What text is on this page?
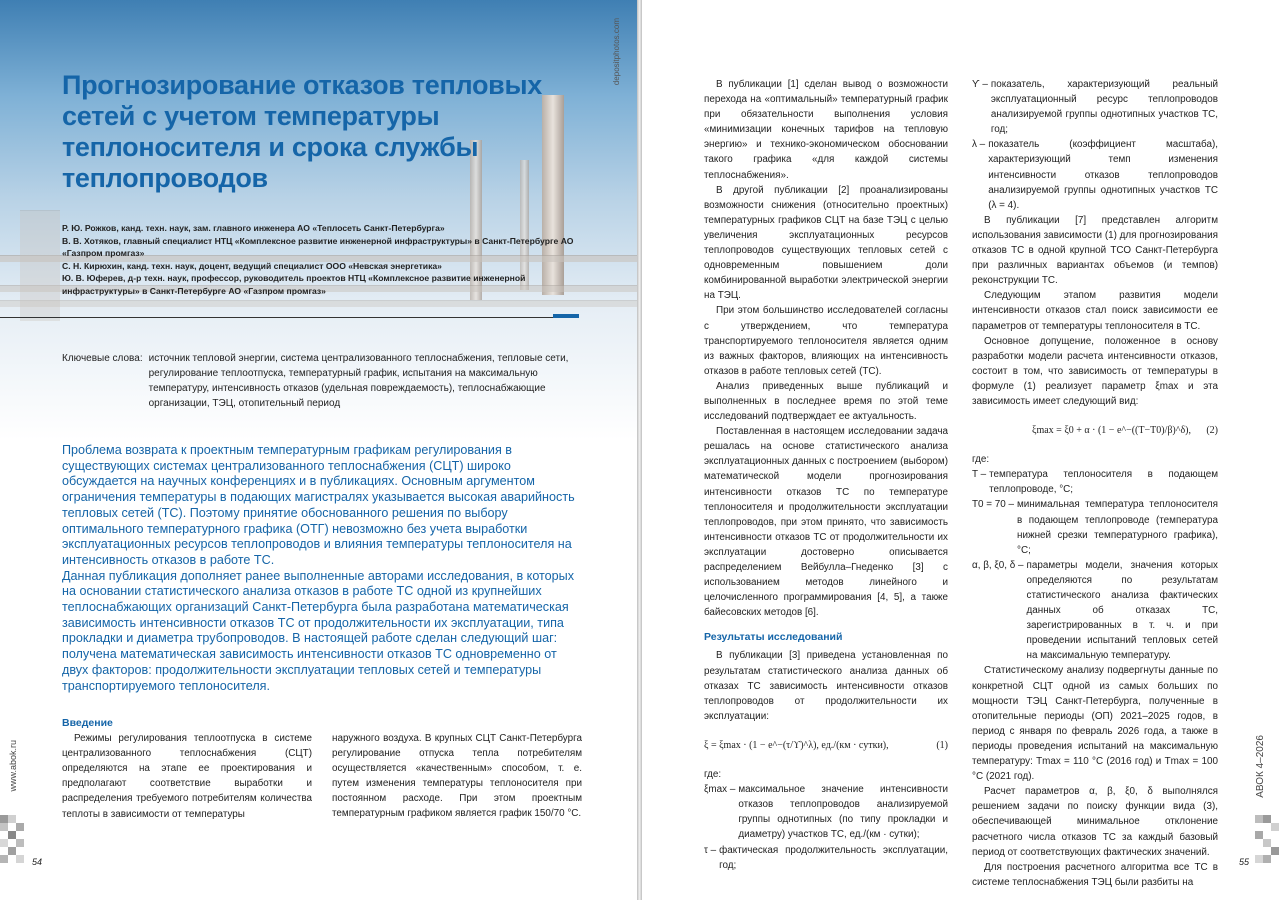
depositphotos.com
Прогнозирование отказов тепловых сетей с учетом температуры теплоносителя и срока службы теплопроводов
Р. Ю. Рожков, канд. техн. наук, зам. главного инженера АО «Теплосеть Санкт-Петербурга»
В. В. Хотяков, главный специалист НТЦ «Комплексное развитие инженерной инфраструктуры» в Санкт-Петербурге АО «Газпром промгаз»
С. Н. Кирюхин, канд. техн. наук, доцент, ведущий специалист ООО «Невская энергетика»
Ю. В. Юферев, д-р техн. наук, профессор, руководитель проектов НТЦ «Комплексное развитие инженерной инфраструктуры» в Санкт-Петербурге АО «Газпром промгаз»
Ключевые слова: источник тепловой энергии, система централизованного теплоснабжения, тепловые сети, регулирование теплоотпуска, температурный график, испытания на максимальную температуру, интенсивность отказов (удельная повреждаемость), теплоснабжающие организации, ТЭЦ, отопительный период

Проблема возврата к проектным температурным графикам регулирования в существующих системах централизованного теплоснабжения (СЦТ) широко обсуждается на научных конференциях и в публикациях. Основным аргументом ограничения температуры в подающих магистралях указывается высокая аварийность тепловых сетей (ТС). Поэтому принятие обоснованного решения по выбору оптимального температурного графика (ОТГ) невозможно без учета выработки эксплуатационных ресурсов теплопроводов и влияния температуры теплоносителя на интенсивность отказов в работе ТС.

Данная публикация дополняет ранее выполненные авторами исследования, в которых на основании статистического анализа отказов в работе ТС одной из крупнейших теплоснабжающих организаций Санкт-Петербурга была разработана математическая зависимость интенсивности отказов ТС от продолжительности их эксплуатации, типа прокладки и диаметра трубопроводов. В настоящей работе сделан следующий шаг: получена математическая зависимость интенсивности отказов ТС одновременно от двух факторов: продолжительности эксплуатации тепловых сетей и температуры транспортируемого теплоносителя.

Введение

Режимы регулирования теплоотпуска в системе централизованного теплоснабжения (СЦТ) определяются на этапе ее проектирования и предполагают соответствие выработки и распределения требуемого потребителям количества теплоты в зависимости от температуры

наружного воздуха. В крупных СЦТ Санкт-Петербурга регулирование отпуска тепла потребителям осуществляется «качественным» способом, т. е. путем изменения температуры теплоносителя при постоянном расходе. При этом проектным температурным графиком является график 150/70 °С.

www.abok.ru
54

В публикации [1] сделан вывод о возможности перехода на «оптимальный» температурный график при обязательности выполнения условия «минимизации конечных тарифов на тепловую энергию» и технико-экономическом обосновании такого графика «для каждой системы теплоснабжения».

В другой публикации [2] проанализированы возможности снижения (относительно проектных) температурных графиков СЦТ на базе ТЭЦ с целью увеличения эксплуатационных ресурсов теплопроводов существующих тепловых сетей с одновременным повышением доли комбинированной выработки электрической энергии на ТЭЦ.

При этом большинство исследователей согласны с утверждением, что температура транспортируемого теплоносителя является одним из важных факторов, влияющих на интенсивность отказов в работе тепловых сетей (ТС).

Анализ приведенных выше публикаций и выполненных в последнее время по этой теме исследований подтверждает ее актуальность.

Поставленная в настоящем исследовании задача решалась на основе статистического анализа эксплуатационных данных с построением (выбором) математической модели прогнозирования интенсивности отказов ТС по температуре теплоносителя и продолжительности эксплуатации теплопроводов, при этом принято, что зависимость интенсивности отказов ТС от продолжительности их эксплуатации достоверно описывается распределением Вейбулла–Гнеденко [3] с использованием методов линейного и целочисленного программирования [4, 5], а также байесовских методов [6].

Результаты исследований

В публикации [3] приведена установленная по результатам статистического анализа данных об отказах ТС зависимость интенсивности отказов теплопроводов от продолжительности их эксплуатации:

ξ = ξmax · (1 − e^−(τ/ϒ)^λ), ед./(км · сутки),	(1)
где:
ξmax – максимальное значение интенсивности отказов теплопроводов анализируемой группы однотипных (по типу прокладки и диаметру) участков ТС, ед./(км · сутки);
τ – фактическая продолжительность эксплуатации, год;
ϒ – показатель, характеризующий реальный эксплуатационный ресурс теплопроводов анализируемой группы однотипных участков ТС, год;
λ – показатель (коэффициент масштаба), характеризующий темп изменения интенсивности отказов теплопроводов анализируемой группы однотипных участков ТС (λ = 4).

В публикации [7] представлен алгоритм использования зависимости (1) для прогнозирования отказов ТС в одной крупной ТСО Санкт-Петербурга при различных вариантах объемов (и темпов) реконструкции ТС.

Следующим этапом развития модели интенсивности отказов стал поиск зависимости ее параметров от температуры теплоносителя в ТС.

Основное допущение, положенное в основу разработки модели расчета интенсивности отказов, состоит в том, что зависимость от температуры в формуле (1) реализует параметр ξmax и эта зависимость имеет следующий вид:

ξmax = ξ0 + α · (1 − e^−((T−T0)/β)^δ), (2)
где:
T – температура теплоносителя в подающем теплопроводе, °С;
T0 = 70 – минимальная температура теплоносителя в подающем теплопроводе (температура нижней срезки температурного графика), °С;
α, β, ξ0, δ – параметры модели, значения которых определяются по результатам статистического анализа фактических данных об отказах ТС, зарегистрированных в т. ч. и при проведении испытаний тепловых сетей на максимальную температуру.

Статистическому анализу подвергнуты данные по конкретной СЦТ одной из самых больших по мощности ТЭЦ Санкт-Петербурга, полученные в отопительные периоды (ОП) 2021–2025 годов, в период с января по февраль 2026 года, а также в периоды проведения испытаний на максимальную температуру: Tmax = 110 °С (2016 год) и Tmax = 100 °С (2021 год).

Расчет параметров α, β, ξ0, δ выполнялся решением задачи по поиску функции вида (3), обеспечивающей минимальное отклонение расчетного числа отказов ТС за каждый базовый период от соответствующих фактических значений.

Для построения расчетного алгоритма все ТС в системе теплоснабжения ТЭЦ были разбиты на

АВОК 4–2026
55
